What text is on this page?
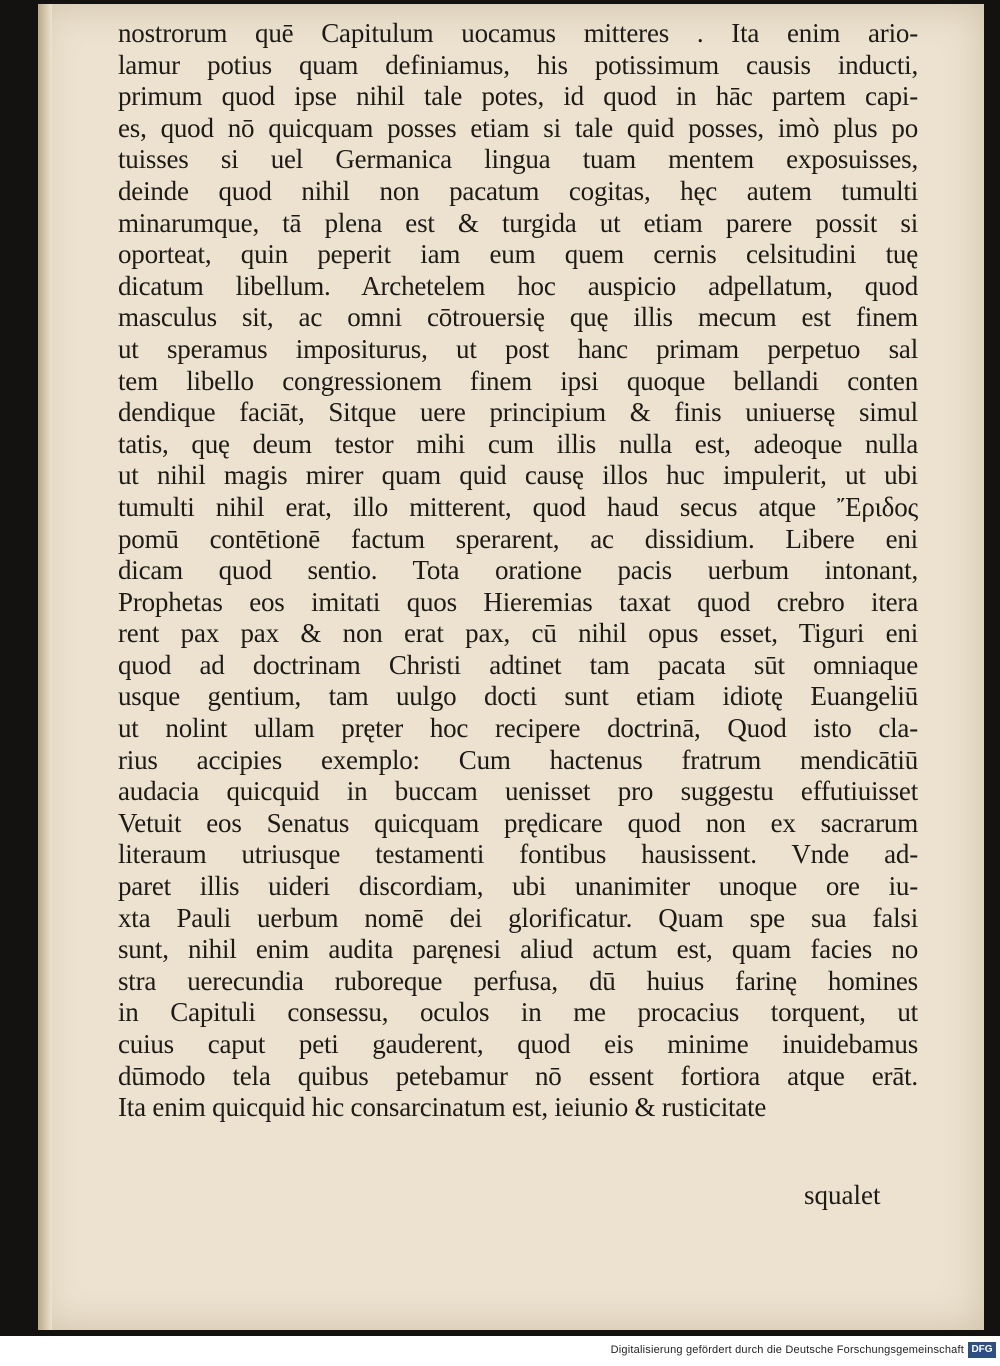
nostrorum quē Capitulum uocamus mitteres . Ita enim ario-
lamur potius quam definiamus, his potissimum causis inducti,
primum quod ipse nihil tale potes, id quod in hāc partem capi-
es, quod nō quicquam posses etiam si tale quid posses, imò plus po
tuisses si uel Germanica lingua tuam mentem exposuisses,
deinde quod nihil non pacatum cogitas, hęc autem tumulti
minarumque, tā plena est & turgida ut etiam parere possit si
oporteat, quin peperit iam eum quem cernis celsitudini tuę
dicatum libellum. Archetelem hoc auspicio adpellatum, quod
masculus sit, ac omni cōtrouersię quę illis mecum est finem
ut speramus impositurus, ut post hanc primam perpetuo sal
tem libello congressionem finem ipsi quoque bellandi conten
dendique faciāt, Sitque uere principium & finis uniuersę simul
tatis, quę deum testor mihi cum illis nulla est, adeoque nulla
ut nihil magis mirer quam quid causę illos huc impulerit, ut ubi
tumulti nihil erat, illo mitterent, quod haud secus atque Ἔριδος
pomū contētionē factum sperarent, ac dissidium. Libere eni
dicam quod sentio. Tota oratione pacis uerbum intonant,
Prophetas eos imitati quos Hieremias taxat quod crebro itera
rent pax pax & non erat pax, cū nihil opus esset, Tiguri eni
quod ad doctrinam Christi adtinet tam pacata sūt omniaque
usque gentium, tam uulgo docti sunt etiam idiotę Euangeliū
ut nolint ullam pręter hoc recipere doctrinā, Quod isto cla-
rius accipies exemplo: Cum hactenus fratrum mendicātiū
audacia quicquid in buccam uenisset pro suggestu effutiuisset
Vetuit eos Senatus quicquam prędicare quod non ex sacrarum
literaum utriusque testamenti fontibus hausissent. Vnde ad-
paret illis uideri discordiam, ubi unanimiter unoque ore iu-
xta Pauli uerbum nomē dei glorificatur. Quam spe sua falsi
sunt, nihil enim audita paręnesi aliud actum est, quam facies no
stra uerecundia ruboreque perfusa, dū huius farinę homines
in Capituli consessu, oculos in me procacius torquent, ut
cuius caput peti gauderent, quod eis minime inuidebamus
dūmodo tela quibus petebamur nō essent fortiora atque erāt.
Ita enim quicquid hic consarcinatum est, ieiunio & rusticitate
squalet
Digitalisierung gefördert durch die Deutsche Forschungsgemeinschaft DFG
